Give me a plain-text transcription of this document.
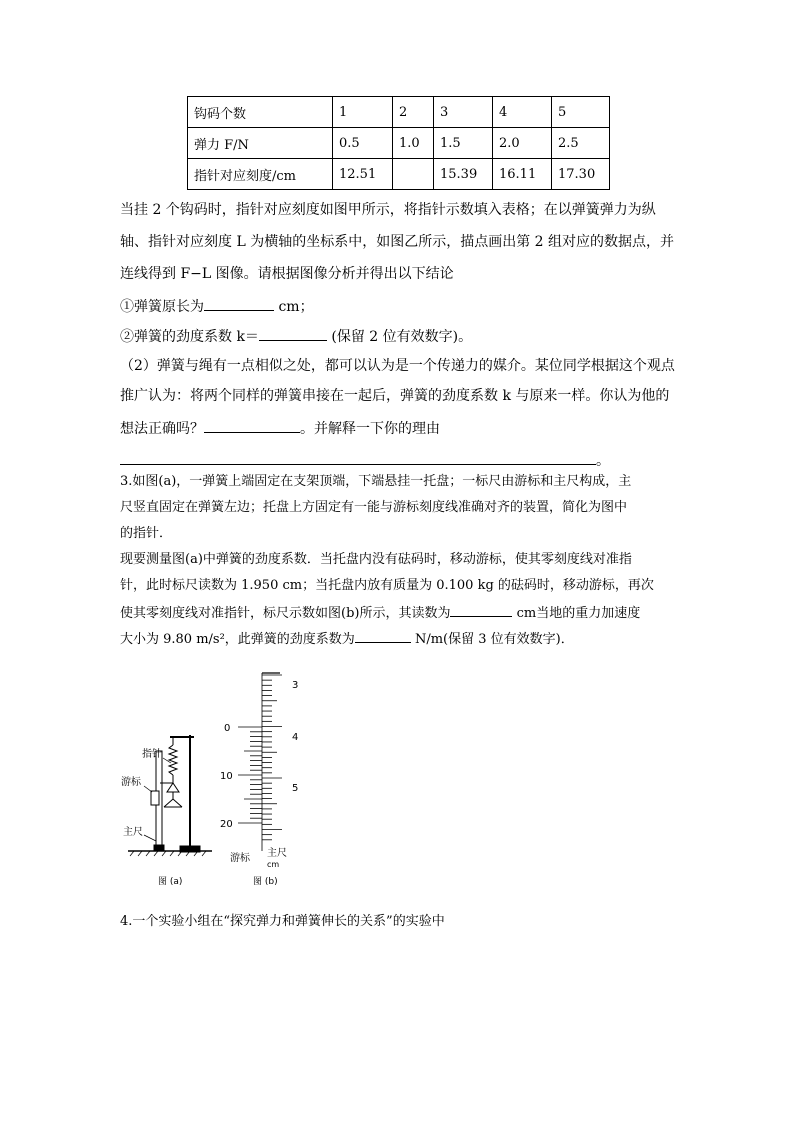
钩码个数	1	2	3	4	5
弹力 F/N	0.5	1.0	1.5	2.0	2.5
指针对应刻度/cm	12.51		15.39	16.11	17.30
当挂 2 个钩码时，指针对应刻度如图甲所示，将指针示数填入表格；在以弹簧弹力为纵
轴、指针对应刻度 L 为横轴的坐标系中，如图乙所示，描点画出第 2 组对应的数据点，并
连线得到 F−L 图像。请根据图像分析并得出以下结论
①弹簧原长为	cm；
②弹簧的劲度系数 k＝	(保留 2 位有效数字)。
（2）弹簧与绳有一点相似之处，都可以认为是一个传递力的媒介。某位同学根据这个观点
推广认为：将两个同样的弹簧串接在一起后，弹簧的劲度系数 k 与原来一样。你认为他的
想法正确吗？	。并解释一下你的理由
。
3.如图(a)，一弹簧上端固定在支架顶端，下端悬挂一托盘；一标尺由游标和主尺构成，主
尺竖直固定在弹簧左边；托盘上方固定有一能与游标刻度线准确对齐的装置，简化为图中
的指针．
现要测量图(a)中弹簧的劲度系数．当托盘内没有砝码时，移动游标，使其零刻度线对准指
针，此时标尺读数为 1.950 cm；当托盘内放有质量为 0.100 kg 的砝码时，移动游标，再次
使其零刻度线对准指针，标尺示数如图(b)所示，其读数为	cm当地的重力加速度
大小为 9.80 m/s²，此弹簧的劲度系数为	N/m(保留 3 位有效数字)．
指针
游标
主尺
图 (a)
3
4
5
0
10
20
游标 主尺
cm
图 (b)
4.一个实验小组在“探究弹力和弹簧伸长的关系”的实验中
